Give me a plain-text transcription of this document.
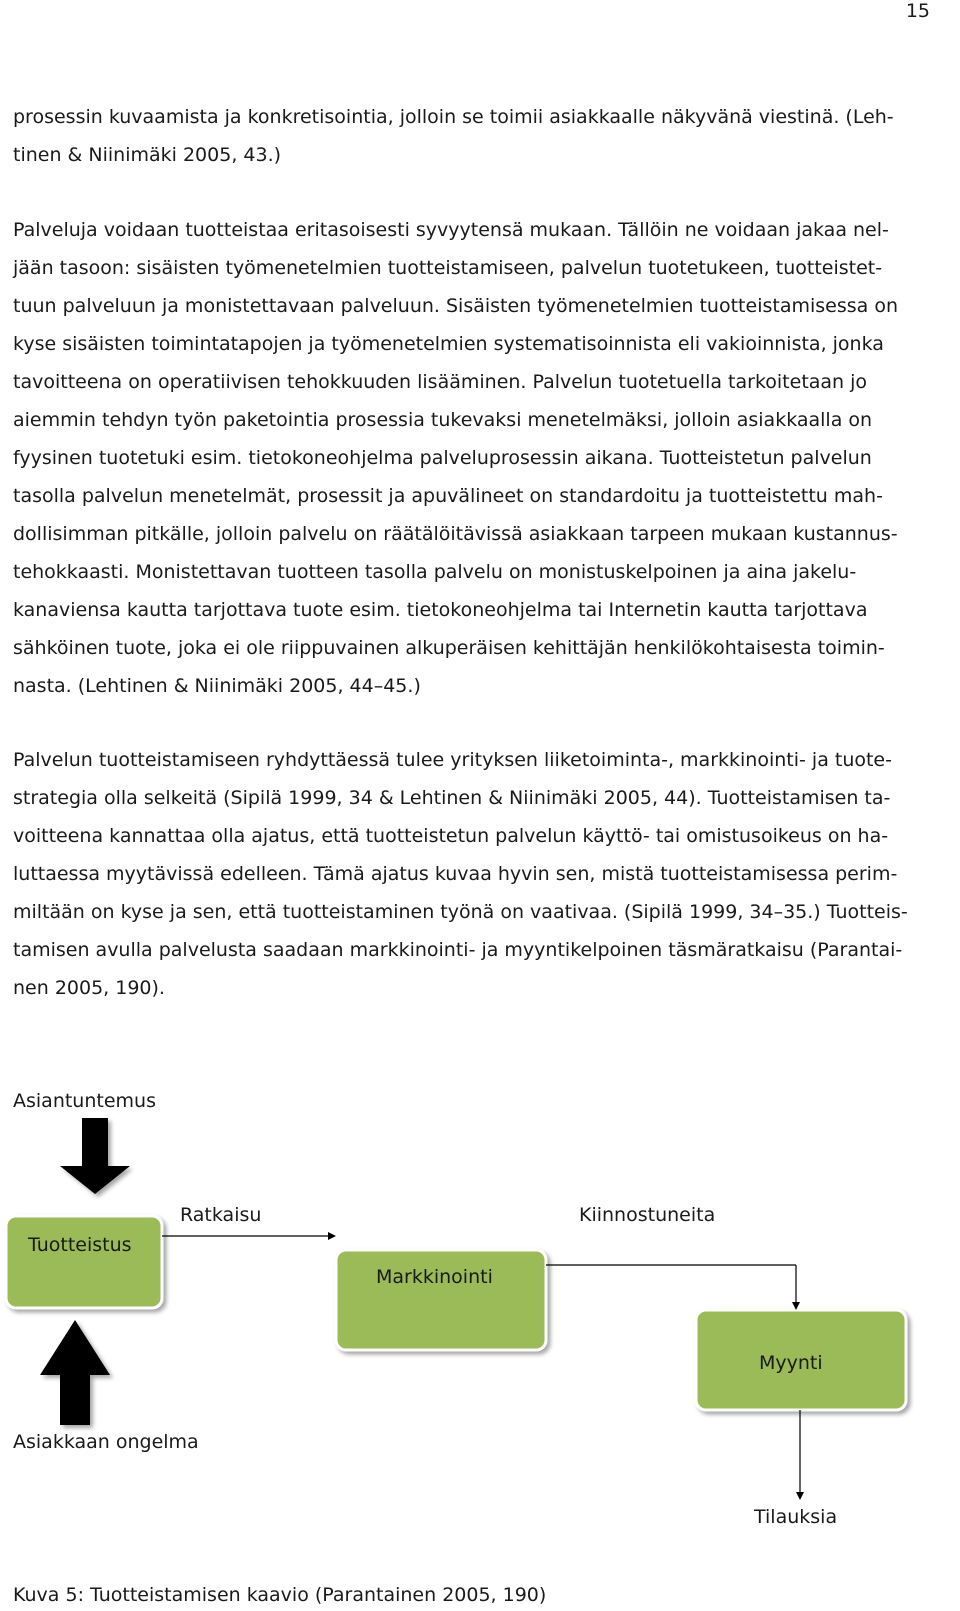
15
prosessin kuvaamista ja konkretisointia, jolloin se toimii asiakkaalle näkyvänä viestinä. (Leh-
tinen & Niinimäki 2005, 43.)
Palveluja voidaan tuotteistaa eritasoisesti syvyytensä mukaan. Tällöin ne voidaan jakaa nel-
jään tasoon: sisäisten työmenetelmien tuotteistamiseen, palvelun tuotetukeen, tuotteistet-
tuun palveluun ja monistettavaan palveluun. Sisäisten työmenetelmien tuotteistamisessa on
kyse sisäisten toimintatapojen ja työmenetelmien systematisoinnista eli vakioinnista, jonka
tavoitteena on operatiivisen tehokkuuden lisääminen. Palvelun tuotetuella tarkoitetaan jo
aiemmin tehdyn työn paketointia prosessia tukevaksi menetelmäksi, jolloin asiakkaalla on
fyysinen tuotetuki esim. tietokoneohjelma palveluprosessin aikana. Tuotteistetun palvelun
tasolla palvelun menetelmät, prosessit ja apuvälineet on standardoitu ja tuotteistettu mah-
dollisimman pitkälle, jolloin palvelu on räätälöitävissä asiakkaan tarpeen mukaan kustannus-
tehokkaasti. Monistettavan tuotteen tasolla palvelu on monistuskelpoinen ja aina jakelu-
kanaviensa kautta tarjottava tuote esim. tietokoneohjelma tai Internetin kautta tarjottava
sähköinen tuote, joka ei ole riippuvainen alkuperäisen kehittäjän henkilökohtaisesta toimin-
nasta. (Lehtinen & Niinimäki 2005, 44–45.)
Palvelun tuotteistamiseen ryhdyttäessä tulee yrityksen liiketoiminta-, markkinointi- ja tuote-
strategia olla selkeitä (Sipilä 1999, 34 & Lehtinen & Niinimäki 2005, 44). Tuotteistamisen ta-
voitteena kannattaa olla ajatus, että tuotteistetun palvelun käyttö- tai omistusoikeus on ha-
luttaessa myytävissä edelleen. Tämä ajatus kuvaa hyvin sen, mistä tuotteistamisessa perim-
miltään on kyse ja sen, että tuotteistaminen työnä on vaativaa. (Sipilä 1999, 34–35.) Tuotteis-
tamisen avulla palvelusta saadaan markkinointi- ja myyntikelpoinen täsmäratkaisu (Parantai-
nen 2005, 190).
Asiantuntemus
Ratkaisu	Kiinnostuneita
Tuotteistus
Markkinointi
Myynti
Asiakkaan ongelma
Tilauksia
Kuva 5: Tuotteistamisen kaavio (Parantainen 2005, 190)
